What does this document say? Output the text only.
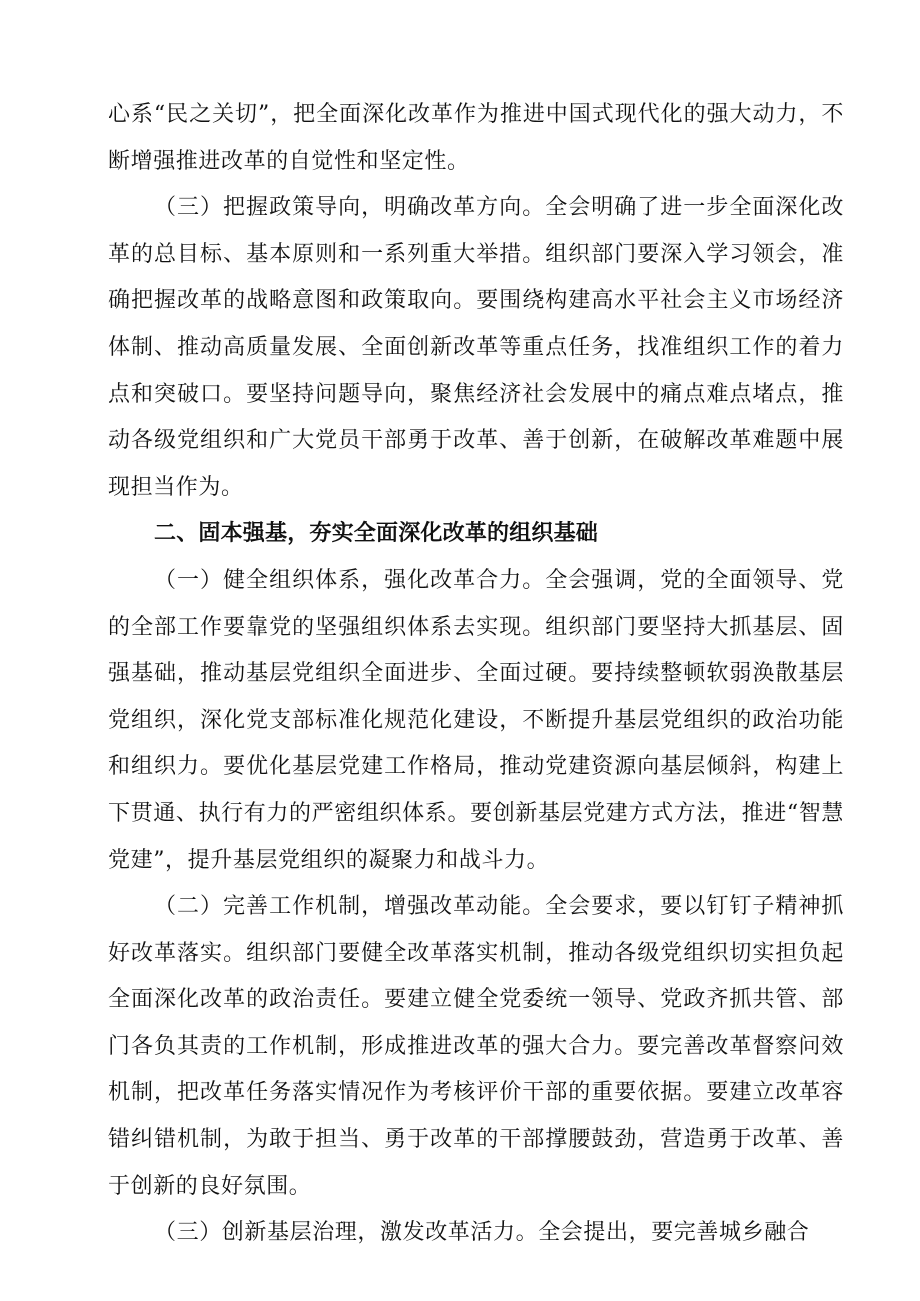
心系“民之关切”，把全面深化改革作为推进中国式现代化的强大动力，不断增强推进改革的自觉性和坚定性。

（三）把握政策导向，明确改革方向。全会明确了进一步全面深化改革的总目标、基本原则和一系列重大举措。组织部门要深入学习领会，准确把握改革的战略意图和政策取向。要围绕构建高水平社会主义市场经济体制、推动高质量发展、全面创新改革等重点任务，找准组织工作的着力点和突破口。要坚持问题导向，聚焦经济社会发展中的痛点难点堵点，推动各级党组织和广大党员干部勇于改革、善于创新，在破解改革难题中展现担当作为。

二、固本强基，夯实全面深化改革的组织基础

（一）健全组织体系，强化改革合力。全会强调，党的全面领导、党的全部工作要靠党的坚强组织体系去实现。组织部门要坚持大抓基层、固强基础，推动基层党组织全面进步、全面过硬。要持续整顿软弱涣散基层党组织，深化党支部标准化规范化建设，不断提升基层党组织的政治功能和组织力。要优化基层党建工作格局，推动党建资源向基层倾斜，构建上下贯通、执行有力的严密组织体系。要创新基层党建方式方法，推进“智慧党建”，提升基层党组织的凝聚力和战斗力。

（二）完善工作机制，增强改革动能。全会要求，要以钉钉子精神抓好改革落实。组织部门要健全改革落实机制，推动各级党组织切实担负起全面深化改革的政治责任。要建立健全党委统一领导、党政齐抓共管、部门各负其责的工作机制，形成推进改革的强大合力。要完善改革督察问效机制，把改革任务落实情况作为考核评价干部的重要依据。要建立改革容错纠错机制，为敢于担当、勇于改革的干部撑腰鼓劲，营造勇于改革、善于创新的良好氛围。

（三）创新基层治理，激发改革活力。全会提出，要完善城乡融合
